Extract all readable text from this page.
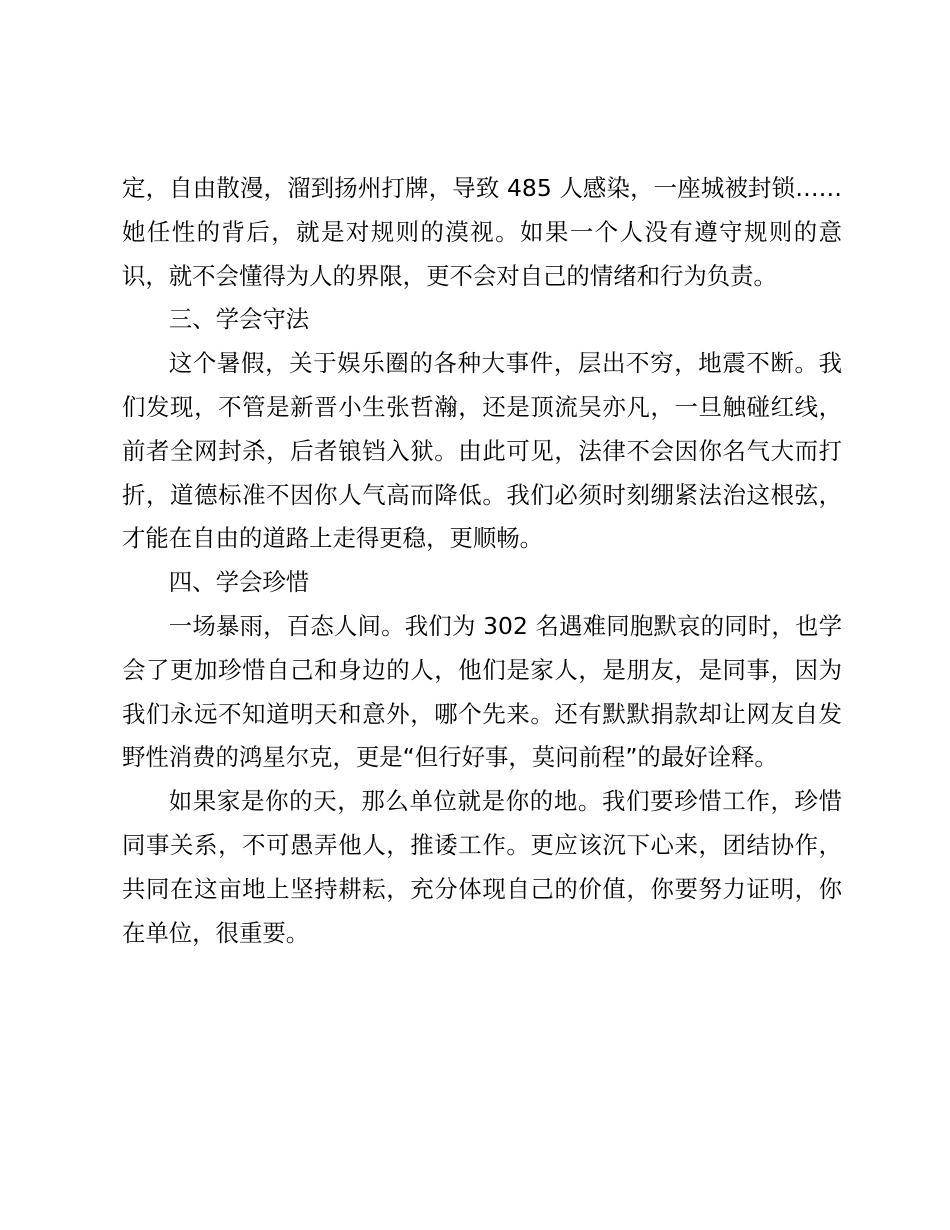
定，自由散漫，溜到扬州打牌，导致 485 人感染，一座城被封锁……她任性的背后，就是对规则的漠视。如果一个人没有遵守规则的意识，就不会懂得为人的界限，更不会对自己的情绪和行为负责。

三、学会守法

这个暑假，关于娱乐圈的各种大事件，层出不穷，地震不断。我们发现，不管是新晋小生张哲瀚，还是顶流吴亦凡，一旦触碰红线，前者全网封杀，后者锒铛入狱。由此可见，法律不会因你名气大而打折，道德标准不因你人气高而降低。我们必须时刻绷紧法治这根弦，才能在自由的道路上走得更稳，更顺畅。

四、学会珍惜

一场暴雨，百态人间。我们为 302 名遇难同胞默哀的同时，也学会了更加珍惜自己和身边的人，他们是家人，是朋友，是同事，因为我们永远不知道明天和意外，哪个先来。还有默默捐款却让网友自发野性消费的鸿星尔克，更是“但行好事，莫问前程”的最好诠释。

如果家是你的天，那么单位就是你的地。我们要珍惜工作，珍惜同事关系，不可愚弄他人，推诿工作。更应该沉下心来，团结协作，共同在这亩地上坚持耕耘，充分体现自己的价值，你要努力证明，你在单位，很重要。
